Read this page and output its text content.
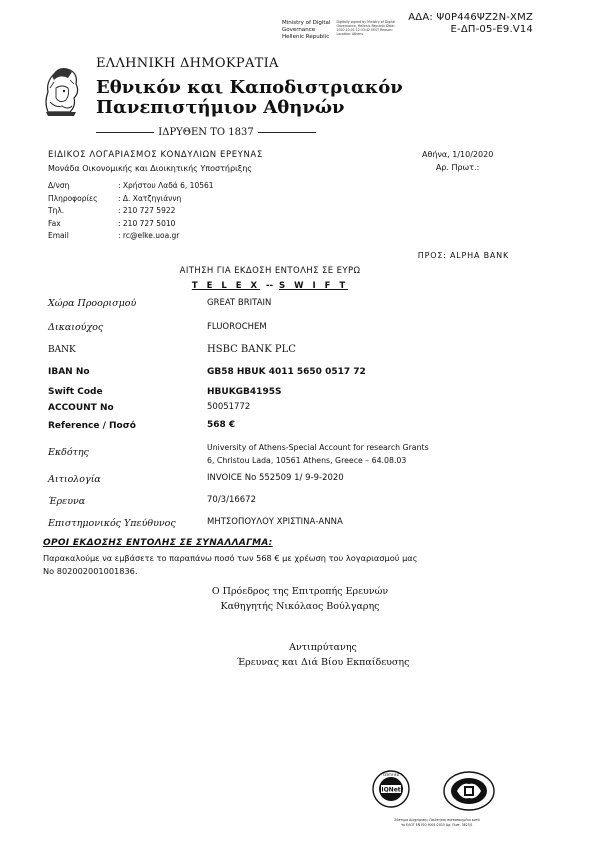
ΑΔΑ: Ψ0Ρ446ΨΖ2Ν-ΧΜΖ
Ε-ΔΠ-05-Ε9.V14
Ministry of Digital
Governance
Hellenic Republic
Digitally signed by Ministry of Digital Governance, Hellenic Republic Date: 2020.10.01 12:33:42 EEST Reason: Location: Athens
ΕΛΛΗΝΙΚΗ ΔΗΜΟΚΡΑΤΙΑ
Εθνικόν και Καποδιστριακόν
Πανεπιστήμιον Αθηνών
ΙΔΡΥΘΕΝ ΤΟ 1837
ΕΙΔΙΚΟΣ ΛΟΓΑΡΙΑΣΜΟΣ ΚΟΝΔΥΛΙΩΝ ΕΡΕΥΝΑΣ
Μονάδα Οικονομικής και Διοικητικής Υποστήριξης
Δ/νση	: Χρήστου Λαδά 6, 10561
Πληροφορίες	: Δ. Χατζηγιάννη
Τηλ.	: 210 727 5922
Fax	: 210 727 5010
Email	: rc@elke.uoa.gr
Αθήνα, 1/10/2020
Αρ. Πρωτ.:
ΠΡΟΣ: ALPHA BANK
ΑΙΤΗΣΗ ΓΙΑ ΕΚΔΟΣΗ ΕΝΤΟΛΗΣ ΣΕ ΕΥΡΩ
T E L E X -- S W I F T
Χώρα Προορισμού	GREAT BRITAIN
Δικαιούχος	FLUOROCHEM
BANK	HSBC BANK PLC
IBAN No	GB58 HBUK 4011 5650 0517 72
Swift Code	HBUKGB4195S
ACCOUNT No	50051772
Reference / Ποσό	568 €
Εκδότης	University of Athens-Special Account for research Grants
6, Christou Lada, 10561 Athens, Greece – 64.08.03
Αιτιολογία	INVOICE No 552509 1/ 9-9-2020
Έρευνα	70/3/16672
Επιστημονικός Υπεύθυνος	ΜΗΤΣΟΠΟΥΛΟΥ ΧΡΙΣΤΙΝΑ-ΑΝΝΑ
ΟΡΟΙ ΕΚΔΟΣΗΣ ΕΝΤΟΛΗΣ ΣΕ ΣΥΝΑΛΛΑΓΜΑ:
Παρακαλούμε να εμβάσετε το παραπάνω ποσό των 568 € με χρέωση του λογαριασμού μας
Νο 802002001001836.
Ο Πρόεδρος της Επιτροπής Ερευνών
Καθηγητής Νικόλαος Βούλγαρης
Αντιπρύτανης
Έρευνας και Διά Βίου Εκπαίδευσης
IQNet
CERTIFIED
Σύστημα Διαχείρισης Ποιότητας πιστοποιημένο κατά
το ΕΛΟΤ ΕΝ ISO 9001:2015 Αρ. Πιστ. 3623/1
